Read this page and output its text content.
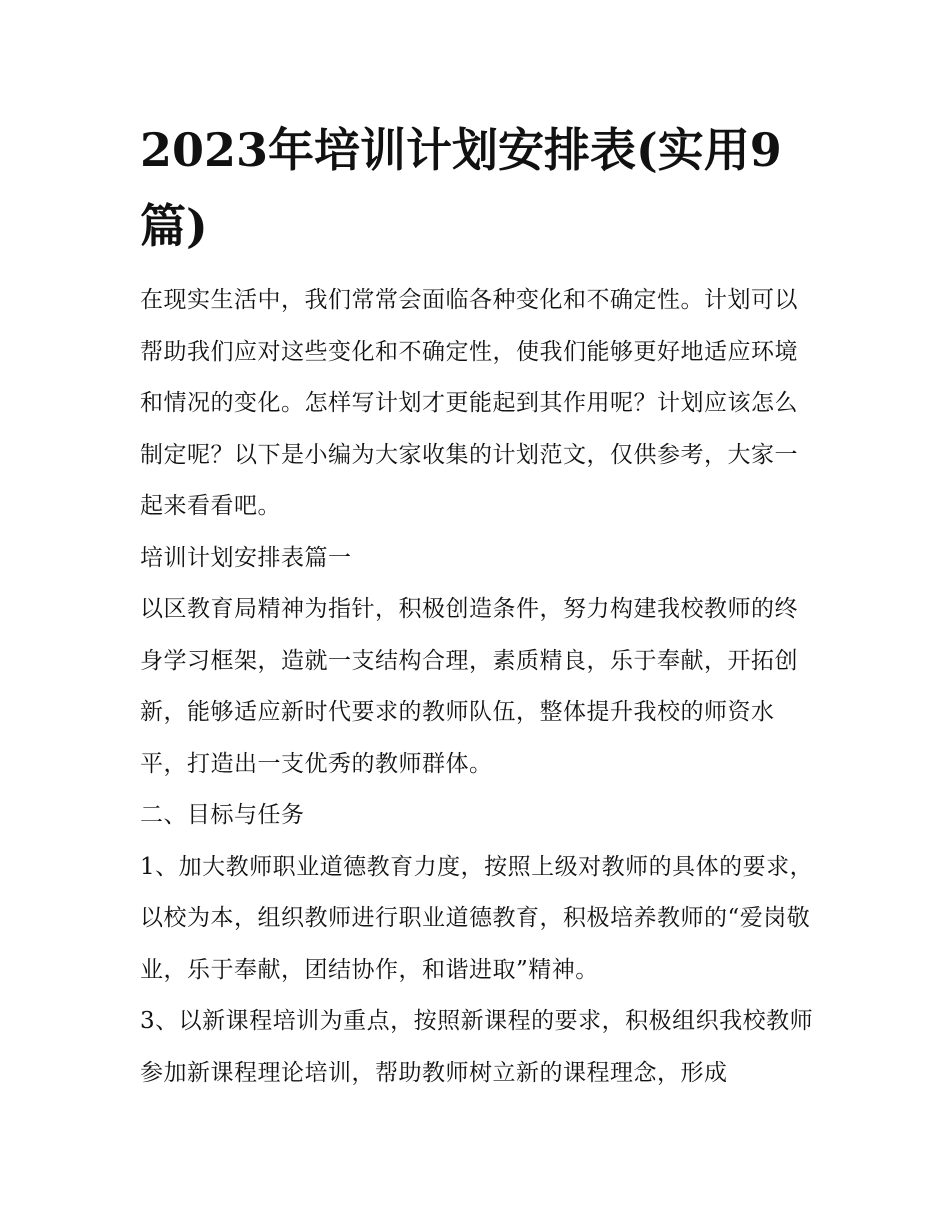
2023年培训计划安排表(实用9篇)

在现实生活中，我们常常会面临各种变化和不确定性。计划可以帮助我们应对这些变化和不确定性，使我们能够更好地适应环境和情况的变化。怎样写计划才更能起到其作用呢？计划应该怎么制定呢？以下是小编为大家收集的计划范文，仅供参考，大家一起来看看吧。

培训计划安排表篇一

以区教育局精神为指针，积极创造条件，努力构建我校教师的终身学习框架，造就一支结构合理，素质精良，乐于奉献，开拓创新，能够适应新时代要求的教师队伍，整体提升我校的师资水平，打造出一支优秀的教师群体。

二、目标与任务

1、加大教师职业道德教育力度，按照上级对教师的具体的要求，以校为本，组织教师进行职业道德教育，积极培养教师的“爱岗敬业，乐于奉献，团结协作，和谐进取”精神。

3、以新课程培训为重点，按照新课程的要求，积极组织我校教师参加新课程理论培训，帮助教师树立新的课程理念，形成
